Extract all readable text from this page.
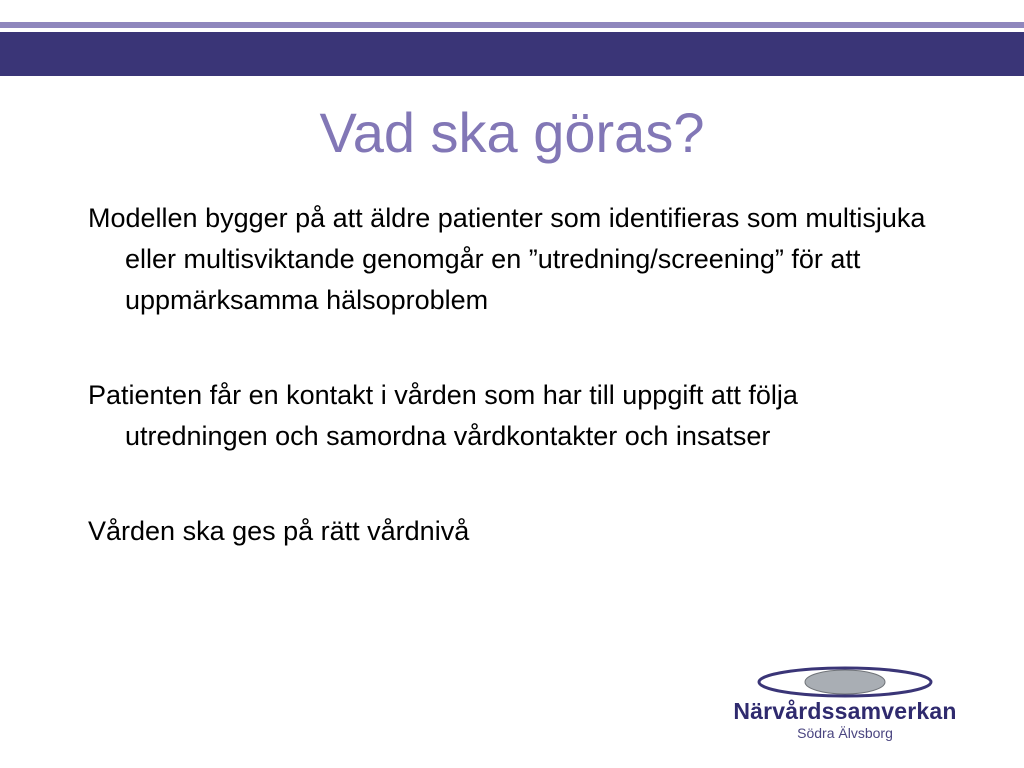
Vad ska göras?

Modellen bygger på att äldre patienter som identifieras som multisjuka eller multisviktande genomgår en ”utredning/screening” för att uppmärksamma hälsoproblem

Patienten får en kontakt i vården som har till uppgift att följa utredningen och samordna vårdkontakter och insatser

Vården ska ges på rätt vårdnivå

Närvårdssamverkan
Södra Älvsborg
